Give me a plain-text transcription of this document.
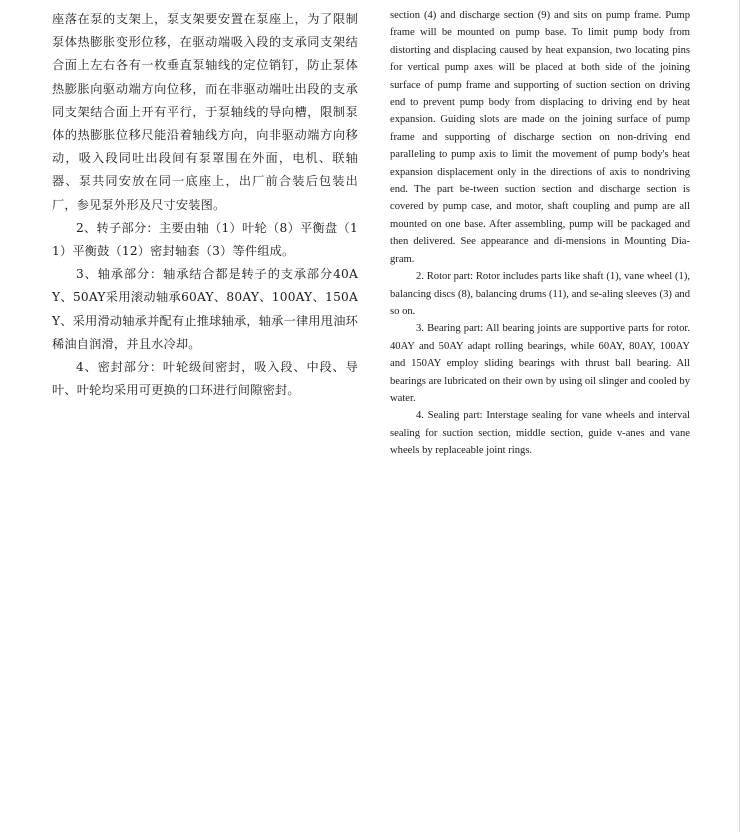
座落在泵的支架上，泵支架要安置在泵座上，为了限制泵体热膨胀变形位移，在驱动端吸入段的支承同支架结合面上左右各有一枚垂直泵轴线的定位销钉，防止泵体热膨胀向驱动端方向位移，而在非驱动端吐出段的支承同支架结合面上开有平行，于泵轴线的导向槽，限制泵体的热膨胀位移尺能沿着轴线方向，向非驱动端方向移动，吸入段同吐出段间有泵罩围在外面，电机、联轴器、泵共同安放在同一底座上，出厂前合装后包装出厂，参见泵外形及尺寸安装图。

2、转子部分：主要由轴（1）叶轮（8）平衡盘（11）平衡鼓（12）密封轴套（3）等件组成。

3、轴承部分：轴承结合都是转子的支承部分40AY、50AY采用滚动轴承60AY、80AY、100AY、150AY、采用滑动轴承并配有止推球轴承，轴承一律用甩油环稀油自润滑，并且水冷却。

4、密封部分：叶轮级间密封，吸入段、中段、导叶、叶轮均采用可更换的口环进行间隙密封。

section (4) and discharge section (9) and sits on pump frame. Pump frame will be mounted on pump base. To limit pump body from distorting and displacing caused by heat expansion, two locating pins for vertical pump axes will be placed at both side of the joining surface of pump frame and supporting of suction section on driving end to prevent pump body from displacing to driving end by heat expansion. Guiding slots are made on the joining surface of pump frame and supporting of discharge section on non-driving end paralleling to pump axis to limit the movement of pump body's heat expansion displacement only in the directions of axis to nondriving end. The part be-tween suction section and discharge section is covered by pump case, and motor, shaft coupling and pump are all mounted on one base. After assembling, pump will be packaged and then delivered. See appearance and di-mensions in Mounting Dia-gram.

2. Rotor part: Rotor includes parts like shaft (1), vane wheel (1), balancing discs (8), balancing drums (11), and se-aling sleeves (3) and so on.

3. Bearing part: All bearing joints are supportive parts for rotor. 40AY and 50AY adapt rolling bearings, while 60AY, 80AY, 100AY and 150AY employ sliding bearings with thrust ball bearing. All bearings are lubricated on their own by using oil slinger and cooled by water.

4. Sealing part: Interstage sealing for vane wheels and interval sealing for suction section, middle section, guide v-anes and vane wheels by replaceable joint rings.
